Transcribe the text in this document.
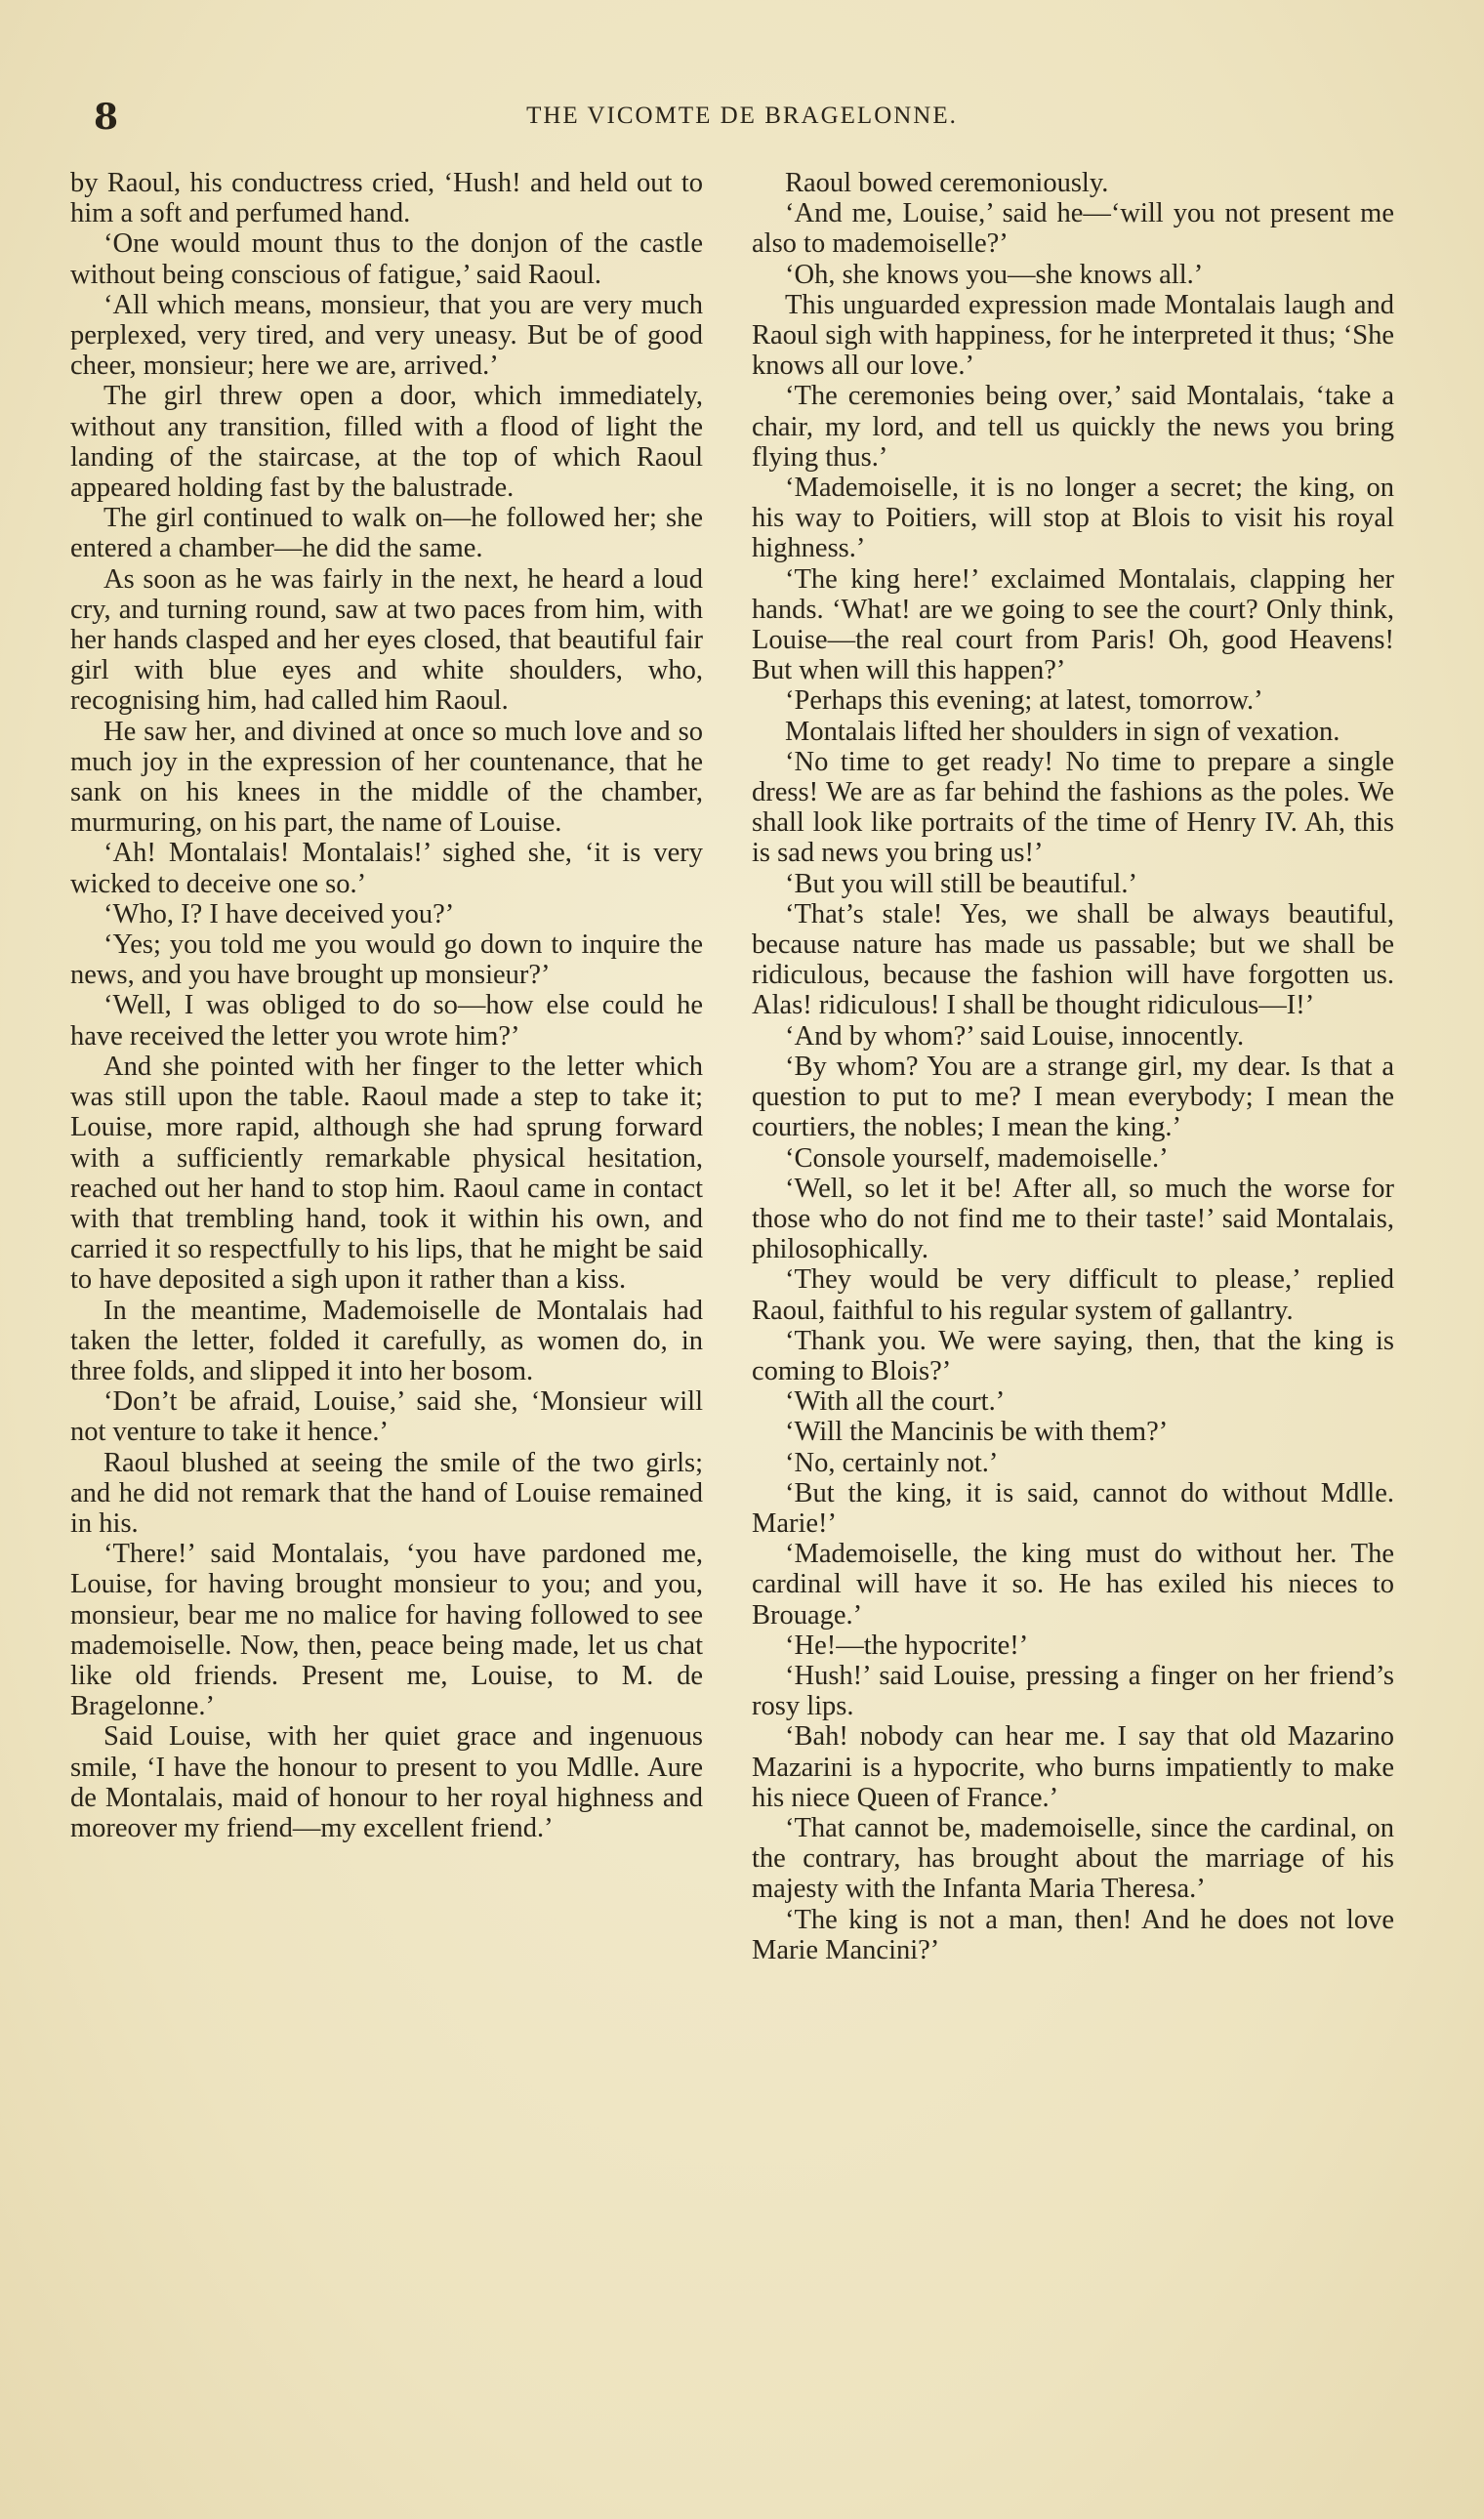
8	THE VICOMTE DE BRAGELONNE.

by Raoul, his conductress cried, ‘Hush! and held out to him a soft and perfumed hand.

‘One would mount thus to the donjon of the castle without being conscious of fatigue,’ said Raoul.

‘All which means, monsieur, that you are very much perplexed, very tired, and very uneasy. But be of good cheer, monsieur; here we are, arrived.’

The girl threw open a door, which immediately, without any transition, filled with a flood of light the landing of the staircase, at the top of which Raoul appeared holding fast by the balustrade.

The girl continued to walk on—he followed her; she entered a chamber—he did the same.

As soon as he was fairly in the next, he heard a loud cry, and turning round, saw at two paces from him, with her hands clasped and her eyes closed, that beautiful fair girl with blue eyes and white shoulders, who, recognising him, had called him Raoul.

He saw her, and divined at once so much love and so much joy in the expression of her countenance, that he sank on his knees in the middle of the chamber, murmuring, on his part, the name of Louise.

‘Ah! Montalais! Montalais!’ sighed she, ‘it is very wicked to deceive one so.’

‘Who, I? I have deceived you?’

‘Yes; you told me you would go down to inquire the news, and you have brought up monsieur?’

‘Well, I was obliged to do so—how else could he have received the letter you wrote him?’

And she pointed with her finger to the letter which was still upon the table. Raoul made a step to take it; Louise, more rapid, although she had sprung forward with a sufficiently remarkable physical hesitation, reached out her hand to stop him. Raoul came in contact with that trembling hand, took it within his own, and carried it so respectfully to his lips, that he might be said to have deposited a sigh upon it rather than a kiss.

In the meantime, Mademoiselle de Montalais had taken the letter, folded it carefully, as women do, in three folds, and slipped it into her bosom.

‘Don’t be afraid, Louise,’ said she, ‘Monsieur will not venture to take it hence.’

Raoul blushed at seeing the smile of the two girls; and he did not remark that the hand of Louise remained in his.

‘There!’ said Montalais, ‘you have pardoned me, Louise, for having brought monsieur to you; and you, monsieur, bear me no malice for having followed to see mademoiselle. Now, then, peace being made, let us chat like old friends. Present me, Louise, to M. de Bragelonne.’

Said Louise, with her quiet grace and ingenuous smile, ‘I have the honour to present to you Mdlle. Aure de Montalais, maid of honour to her royal highness and moreover my friend—my excellent friend.’

Raoul bowed ceremoniously.

‘And me, Louise,’ said he—‘will you not present me also to mademoiselle?’

‘Oh, she knows you—she knows all.’

This unguarded expression made Montalais laugh and Raoul sigh with happiness, for he interpreted it thus; ‘She knows all our love.’

‘The ceremonies being over,’ said Montalais, ‘take a chair, my lord, and tell us quickly the news you bring flying thus.’

‘Mademoiselle, it is no longer a secret; the king, on his way to Poitiers, will stop at Blois to visit his royal highness.’

‘The king here!’ exclaimed Montalais, clapping her hands. ‘What! are we going to see the court? Only think, Louise—the real court from Paris! Oh, good Heavens! But when will this happen?’

‘Perhaps this evening; at latest, tomorrow.’

Montalais lifted her shoulders in sign of vexation.

‘No time to get ready! No time to prepare a single dress! We are as far behind the fashions as the poles. We shall look like portraits of the time of Henry IV. Ah, this is sad news you bring us!’

‘But you will still be beautiful.’

‘That’s stale! Yes, we shall be always beautiful, because nature has made us passable; but we shall be ridiculous, because the fashion will have forgotten us. Alas! ridiculous! I shall be thought ridiculous—I!’

‘And by whom?’ said Louise, innocently.

‘By whom? You are a strange girl, my dear. Is that a question to put to me? I mean everybody; I mean the courtiers, the nobles; I mean the king.’

‘Console yourself, mademoiselle.’

‘Well, so let it be! After all, so much the worse for those who do not find me to their taste!’ said Montalais, philosophically.

‘They would be very difficult to please,’ replied Raoul, faithful to his regular system of gallantry.

‘Thank you. We were saying, then, that the king is coming to Blois?’

‘With all the court.’

‘Will the Mancinis be with them?’

‘No, certainly not.’

‘But the king, it is said, cannot do without Mdlle. Marie!’

‘Mademoiselle, the king must do without her. The cardinal will have it so. He has exiled his nieces to Brouage.’

‘He!—the hypocrite!’

‘Hush!’ said Louise, pressing a finger on her friend’s rosy lips.

‘Bah! nobody can hear me. I say that old Mazarino Mazarini is a hypocrite, who burns impatiently to make his niece Queen of France.’

‘That cannot be, mademoiselle, since the cardinal, on the contrary, has brought about the marriage of his majesty with the Infanta Maria Theresa.’

‘The king is not a man, then! And he does not love Marie Mancini?’
